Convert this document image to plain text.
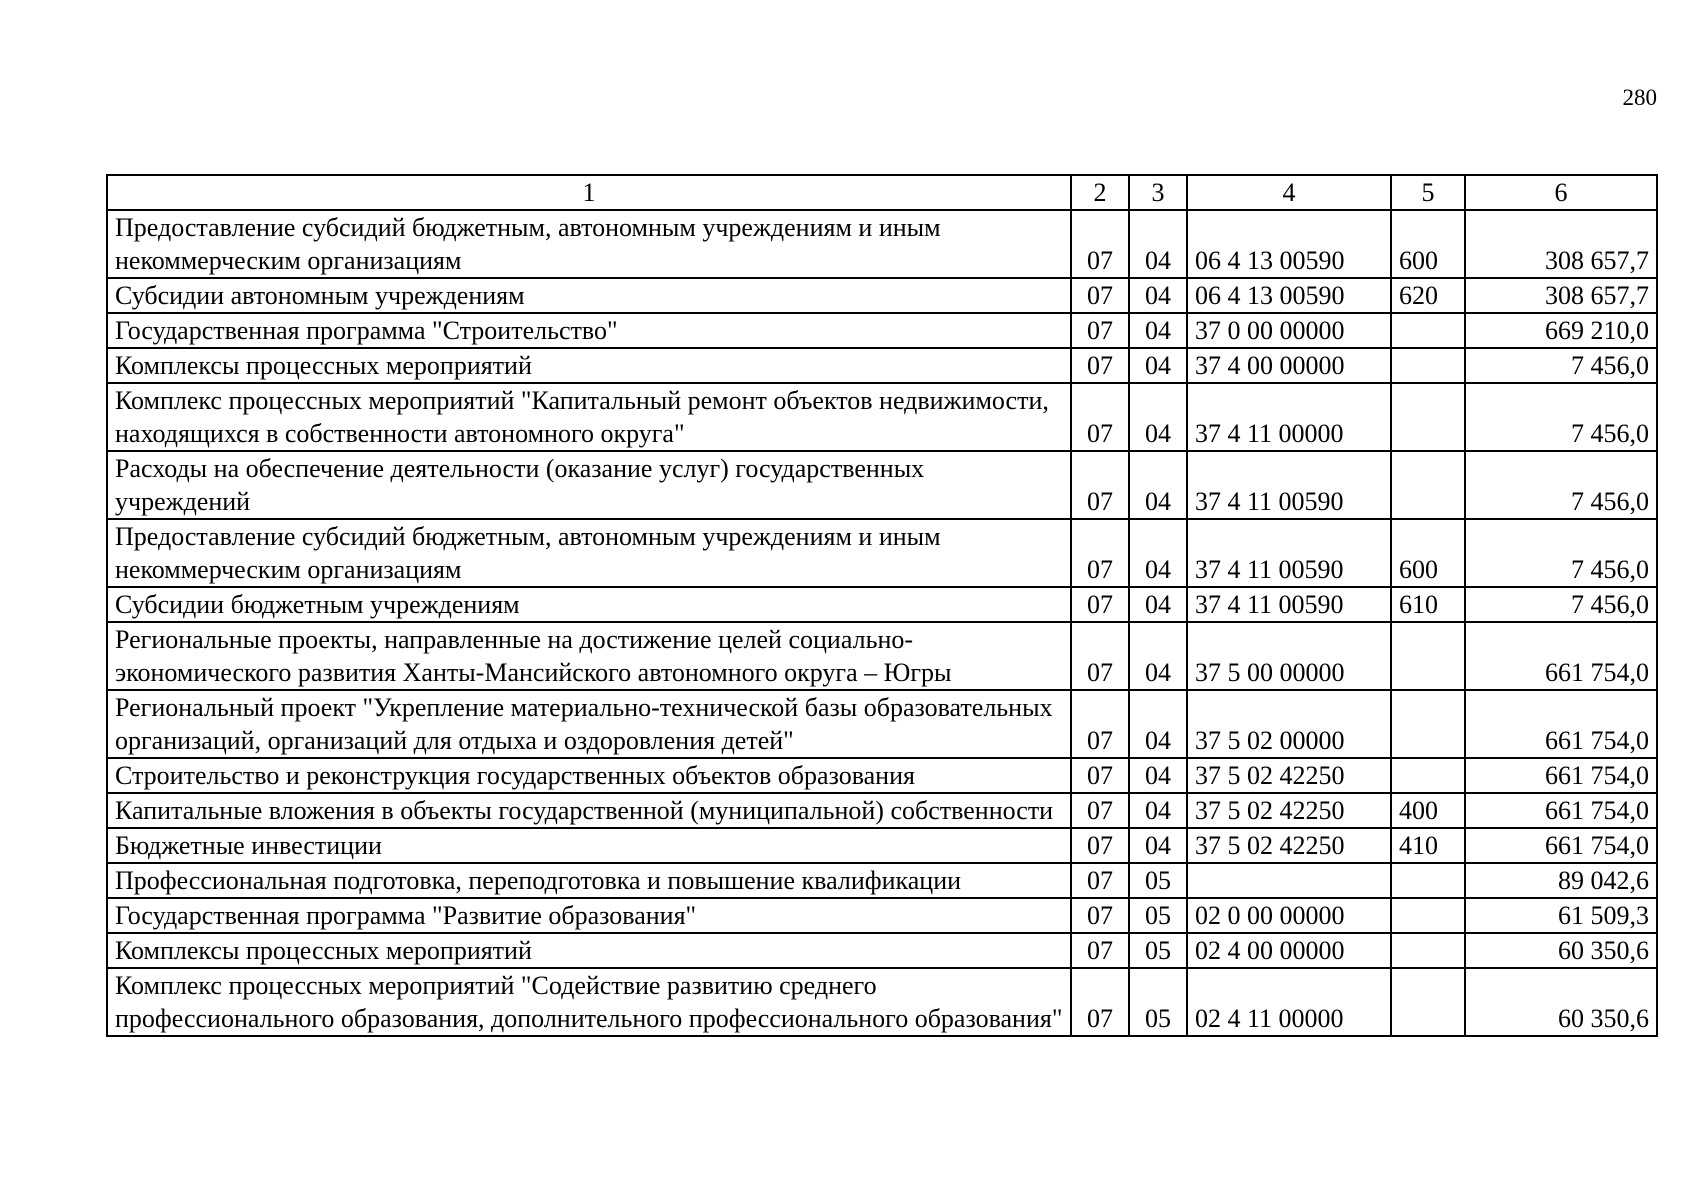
280
1	2	3	4	5	6
Предоставление субсидий бюджетным, автономным учреждениям и иным некоммерческим организациям	07	04	06 4 13 00590	600	308 657,7
Субсидии автономным учреждениям	07	04	06 4 13 00590	620	308 657,7
Государственная программа "Строительство"	07	04	37 0 00 00000		669 210,0
Комплексы процессных мероприятий	07	04	37 4 00 00000		7 456,0
Комплекс процессных мероприятий "Капитальный ремонт объектов недвижимости, находящихся в собственности автономного округа"	07	04	37 4 11 00000		7 456,0
Расходы на обеспечение деятельности (оказание услуг) государственных учреждений	07	04	37 4 11 00590		7 456,0
Предоставление субсидий бюджетным, автономным учреждениям и иным некоммерческим организациям	07	04	37 4 11 00590	600	7 456,0
Субсидии бюджетным учреждениям	07	04	37 4 11 00590	610	7 456,0
Региональные проекты, направленные на достижение целей социально-экономического развития Ханты-Мансийского автономного округа – Югры	07	04	37 5 00 00000		661 754,0
Региональный проект "Укрепление материально-технической базы образовательных организаций, организаций для отдыха и оздоровления детей"	07	04	37 5 02 00000		661 754,0
Строительство и реконструкция государственных объектов образования	07	04	37 5 02 42250		661 754,0
Капитальные вложения в объекты государственной (муниципальной) собственности	07	04	37 5 02 42250	400	661 754,0
Бюджетные инвестиции	07	04	37 5 02 42250	410	661 754,0
Профессиональная подготовка, переподготовка и повышение квалификации	07	05			89 042,6
Государственная программа "Развитие образования"	07	05	02 0 00 00000		61 509,3
Комплексы процессных мероприятий	07	05	02 4 00 00000		60 350,6
Комплекс процессных мероприятий "Содействие развитию среднего профессионального образования, дополнительного профессионального образования"	07	05	02 4 11 00000		60 350,6
